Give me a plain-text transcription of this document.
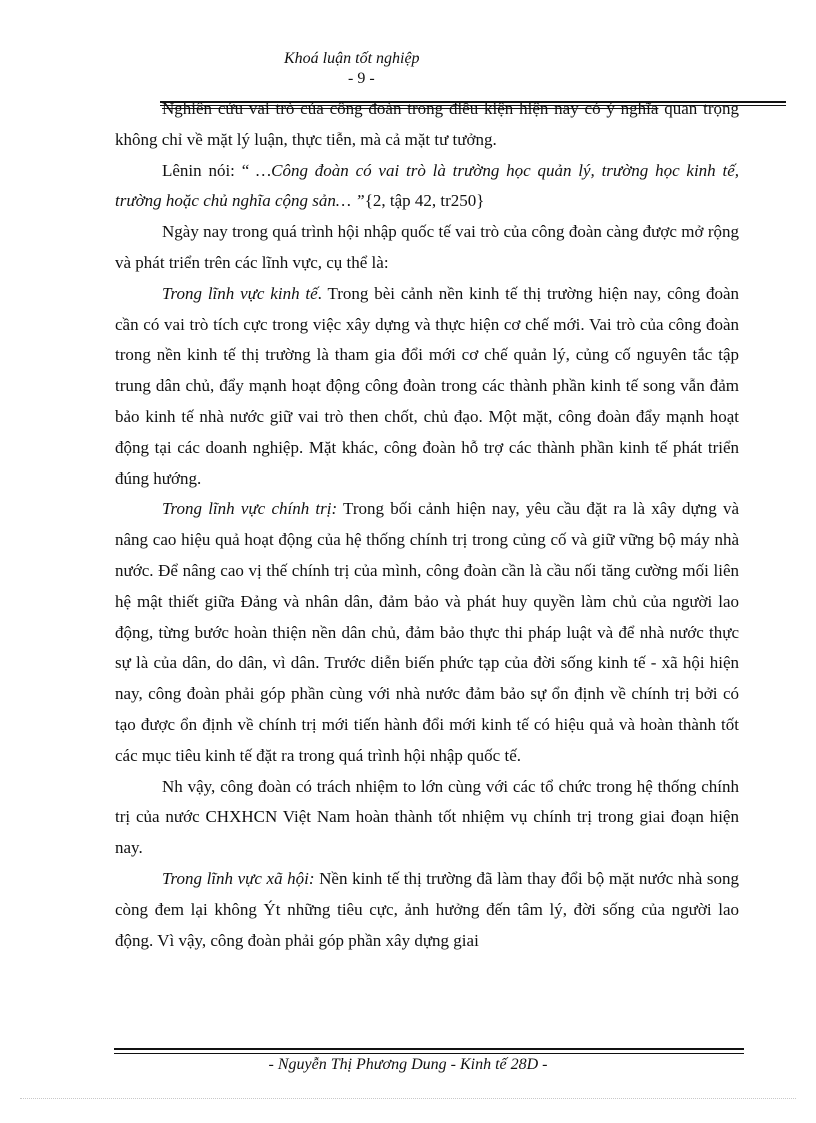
Khoá luận tốt nghiệp
- 9 -

Nghiên cứu vai trò của công đoàn trong điều kiện hiện nay có ý nghĩa quan trọng không chỉ về mặt lý luận, thực tiễn, mà cả mặt tư tưởng.

Lênin nói: “ …Công đoàn có vai trò là trường học quản lý, trường học kinh tế, trường hoặc chủ nghĩa cộng sản… ”{2, tập 42, tr250}

Ngày nay trong quá trình hội nhập quốc tế vai trò của công đoàn càng được mở rộng và phát triển trên các lĩnh vực, cụ thể là:

Trong lĩnh vực kinh tế. Trong bèi cảnh nền kinh tế thị trường hiện nay, công đoàn cần có vai trò tích cực trong việc xây dựng và thực hiện cơ chế mới. Vai trò của công đoàn trong nền kinh tế thị trường là tham gia đổi mới cơ chế quản lý, củng cố nguyên tắc tập trung dân chủ, đẩy mạnh hoạt động công đoàn trong các thành phần kinh tế song vẫn đảm bảo kinh tế nhà nước giữ vai trò then chốt, chủ đạo. Một mặt, công đoàn đẩy mạnh hoạt động tại các doanh nghiệp. Mặt khác, công đoàn hỗ trợ các thành phần kinh tế phát triển đúng hướng.

Trong lĩnh vực chính trị: Trong bối cảnh hiện nay, yêu cầu đặt ra là xây dựng và nâng cao hiệu quả hoạt động của hệ thống chính trị trong củng cố và giữ vững bộ máy nhà nước. Để nâng cao vị thế chính trị của mình, công đoàn cần là cầu nối tăng cường mối liên hệ mật thiết giữa Đảng và nhân dân, đảm bảo và phát huy quyền làm chủ của người lao động, từng bước hoàn thiện nền dân chủ, đảm bảo thực thi pháp luật và để nhà nước thực sự là của dân, do dân, vì dân. Trước diễn biến phức tạp của đời sống kinh tế - xã hội hiện nay, công đoàn phải góp phần cùng với nhà nước đảm bảo sự ổn định về chính trị bởi có tạo được ổn định về chính trị mới tiến hành đổi mới kinh tế có hiệu quả và hoàn thành tốt các mục tiêu kinh tế đặt ra trong quá trình hội nhập quốc tế.

Nh vậy, công đoàn có trách nhiệm to lớn cùng với các tổ chức trong hệ thống chính trị của nước CHXHCN Việt Nam hoàn thành tốt nhiệm vụ chính trị trong giai đoạn hiện nay.

Trong lĩnh vực xã hội: Nền kinh tế thị trường đã làm thay đổi bộ mặt nước nhà song còng đem lại không Ýt những tiêu cực, ảnh hưởng đến tâm lý, đời sống của người lao động. Vì vậy, công đoàn phải góp phần xây dựng giai

- Nguyễn Thị Phương Dung - Kinh tế 28D -
